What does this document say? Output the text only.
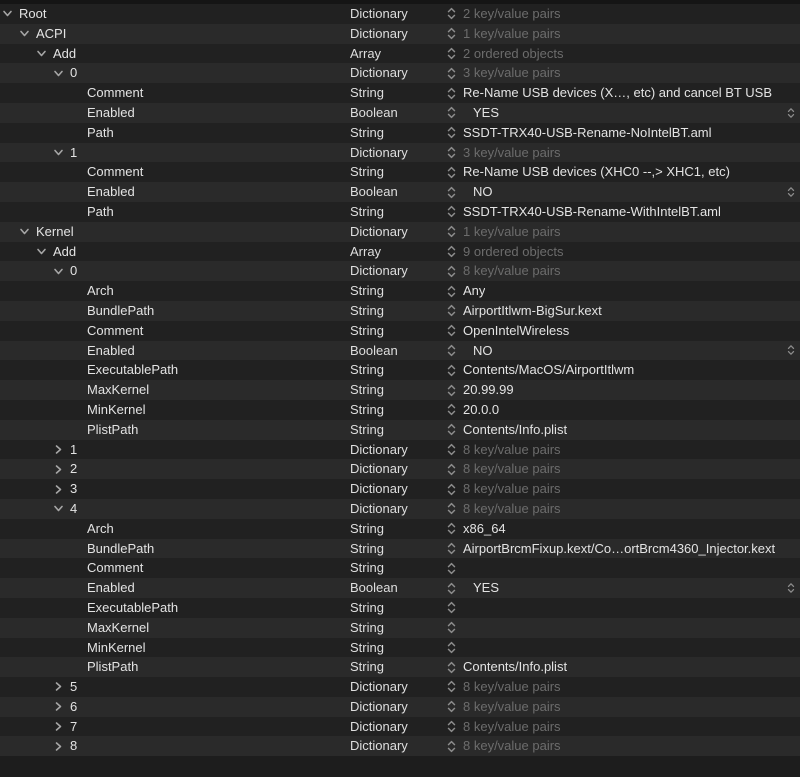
Root	Dictionary	2 key/value pairs
ACPI	Dictionary	1 key/value pairs
Add	Array	2 ordered objects
0	Dictionary	3 key/value pairs
Comment	String	Re-Name USB devices (X…, etc) and cancel BT USB
Enabled	Boolean	YES
Path	String	SSDT-TRX40-USB-Rename-NoIntelBT.aml
1	Dictionary	3 key/value pairs
Comment	String	Re-Name USB devices (XHC0 --,> XHC1, etc)
Enabled	Boolean	NO
Path	String	SSDT-TRX40-USB-Rename-WithIntelBT.aml
Kernel	Dictionary	1 key/value pairs
Add	Array	9 ordered objects
0	Dictionary	8 key/value pairs
Arch	String	Any
BundlePath	String	AirportItlwm-BigSur.kext
Comment	String	OpenIntelWireless
Enabled	Boolean	NO
ExecutablePath	String	Contents/MacOS/AirportItlwm
MaxKernel	String	20.99.99
MinKernel	String	20.0.0
PlistPath	String	Contents/Info.plist
1	Dictionary	8 key/value pairs
2	Dictionary	8 key/value pairs
3	Dictionary	8 key/value pairs
4	Dictionary	8 key/value pairs
Arch	String	x86_64
BundlePath	String	AirportBrcmFixup.kext/Co…ortBrcm4360_Injector.kext
Comment	String
Enabled	Boolean	YES
ExecutablePath	String
MaxKernel	String
MinKernel	String
PlistPath	String	Contents/Info.plist
5	Dictionary	8 key/value pairs
6	Dictionary	8 key/value pairs
7	Dictionary	8 key/value pairs
8	Dictionary	8 key/value pairs
